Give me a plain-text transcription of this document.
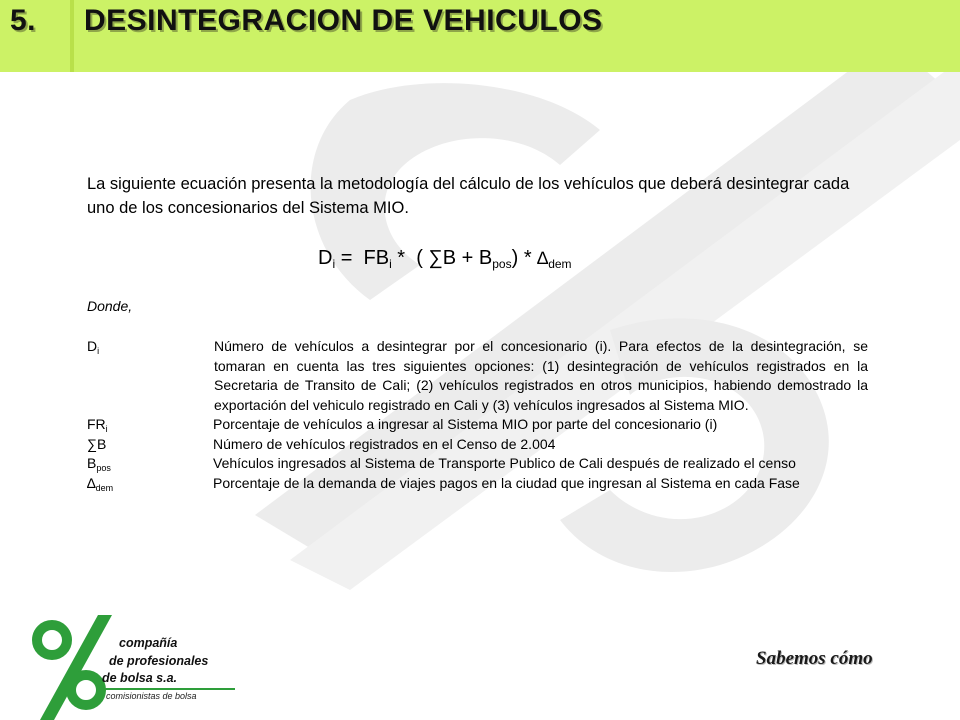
5. DESINTEGRACION DE VEHICULOS
La siguiente ecuación presenta la metodología del cálculo de los vehículos que deberá desintegrar cada uno de los concesionarios del Sistema MIO.
$D_i = FB_i$ * ( $\sum B + B_{pos}) * \Delta_{dem}$
Donde,
$D_i$	Número de vehículos a desintegrar por el concesionario (i). Para efectos de la desintegración, se tomaran en cuenta las tres siguientes opciones: (1) desintegración de vehículos registrados en la Secretaria de Transito de Cali; (2) vehículos registrados en otros municipios, habiendo demostrado la exportación del vehiculo registrado en Cali y (3) vehículos ingresados al Sistema MIO.
$FR_i$	Porcentaje de vehículos a ingresar al Sistema MIO por parte del concesionario (i)
∑B	Número de vehículos registrados en el Censo de 2.004
$B_{pos}$	Vehículos ingresados al Sistema de Transporte Publico de Cali después de realizado el censo
$\Delta_{dem}$	Porcentaje de la demanda de viajes pagos en la ciudad que ingresan al Sistema en cada Fase
compañía
de profesionales
de bolsa s.a.
comisionistas de bolsa
Sabemos cómo
